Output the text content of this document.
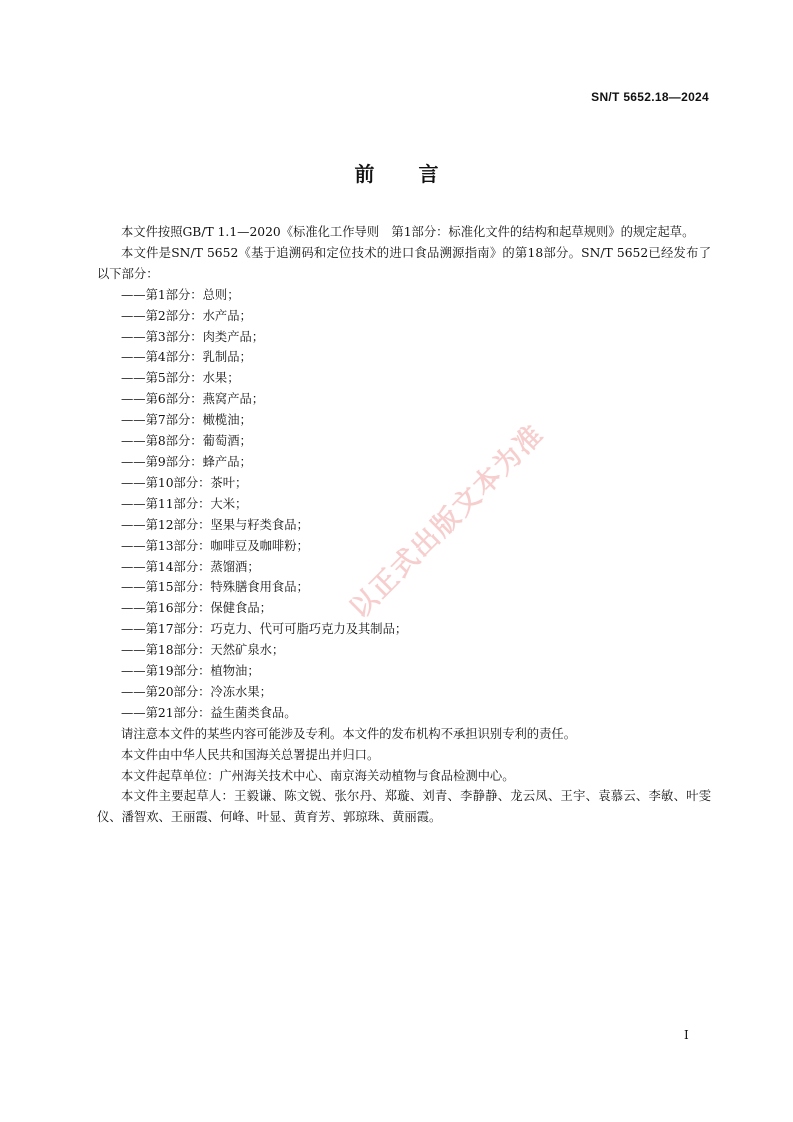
SN/T 5652.18—2024
前言

本文件按照GB/T 1.1—2020《标准化工作导则　第1部分：标准化文件的结构和起草规则》的规定起草。

本文件是SN/T 5652《基于追溯码和定位技术的进口食品溯源指南》的第18部分。SN/T 5652已经发布了以下部分：

——第1部分：总则；
——第2部分：水产品；
——第3部分：肉类产品；
——第4部分：乳制品；
——第5部分：水果；
——第6部分：燕窝产品；
——第7部分：橄榄油；
——第8部分：葡萄酒；
——第9部分：蜂产品；
——第10部分：茶叶；
——第11部分：大米；
——第12部分：坚果与籽类食品；
——第13部分：咖啡豆及咖啡粉；
——第14部分：蒸馏酒；
——第15部分：特殊膳食用食品；
——第16部分：保健食品；
——第17部分：巧克力、代可可脂巧克力及其制品；
——第18部分：天然矿泉水；
——第19部分：植物油；
——第20部分：冷冻水果；
——第21部分：益生菌类食品。

请注意本文件的某些内容可能涉及专利。本文件的发布机构不承担识别专利的责任。

本文件由中华人民共和国海关总署提出并归口。

本文件起草单位：广州海关技术中心、南京海关动植物与食品检测中心。

本文件主要起草人：王毅谦、陈文锐、张尔丹、郑璇、刘青、李静静、龙云凤、王宇、袁慕云、李敏、叶雯仪、潘智欢、王丽霞、何峰、叶显、黄育芳、郭琼珠、黄丽霞。

以正式出版文本为准
I
